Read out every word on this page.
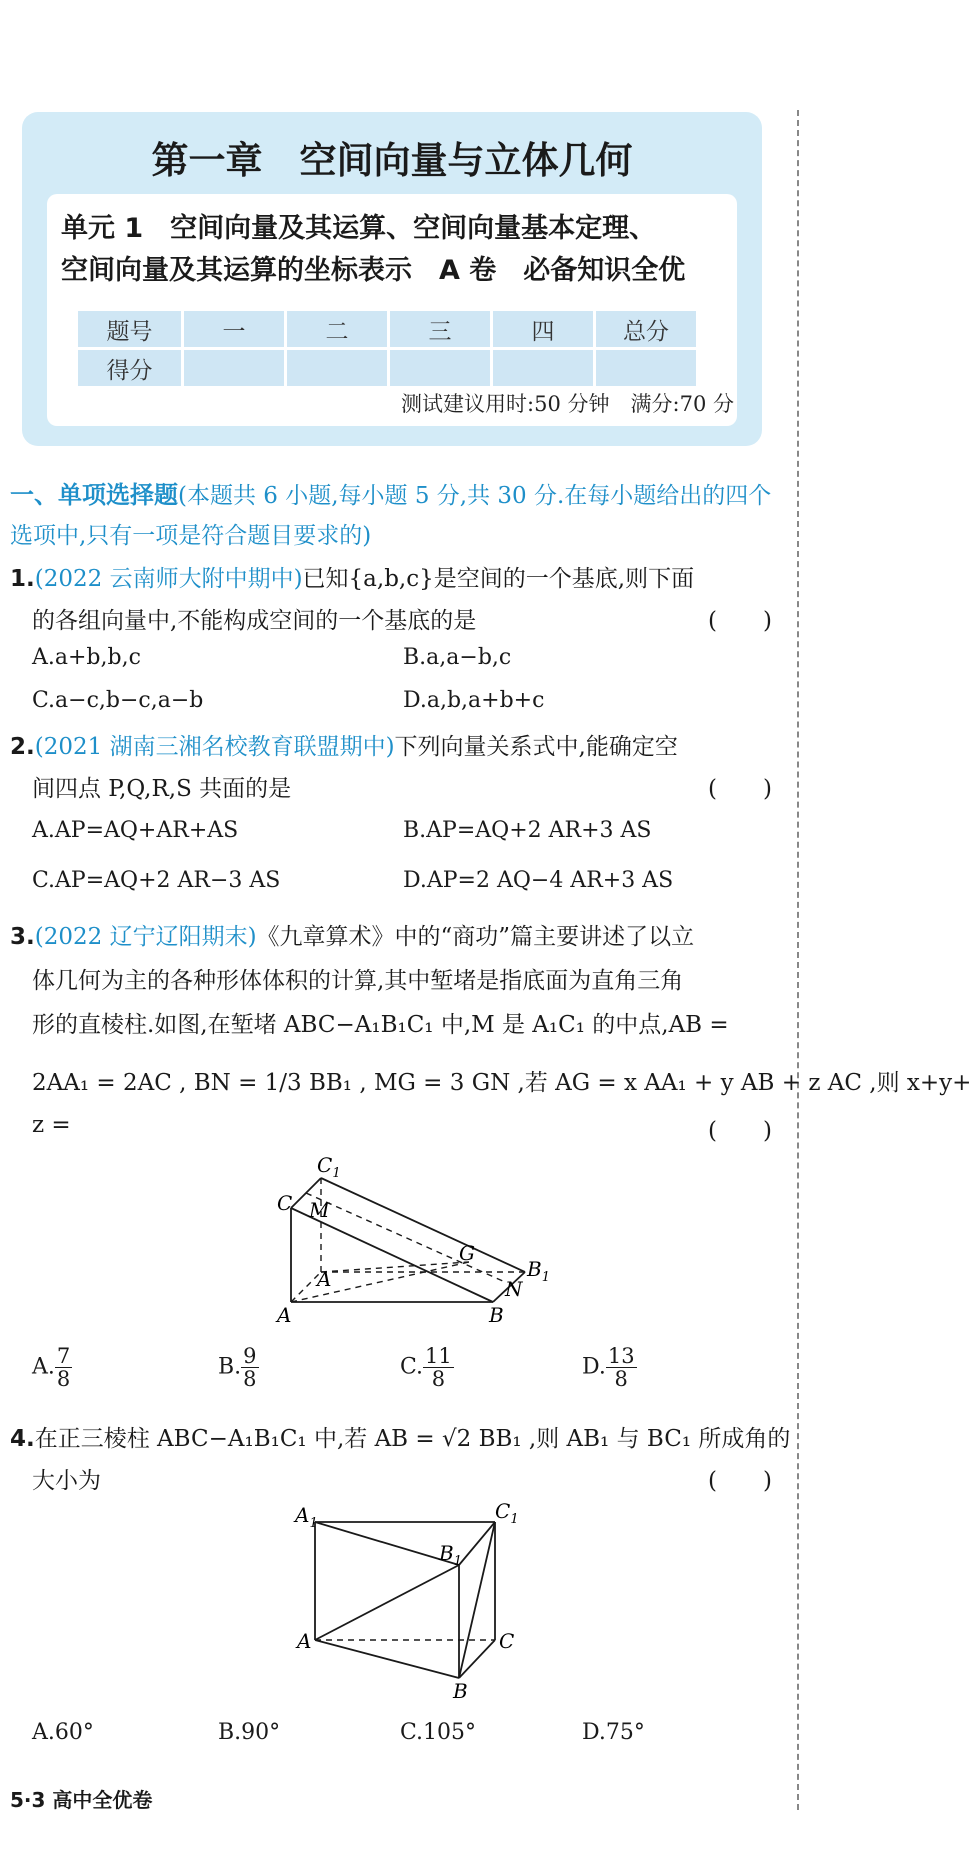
第一章　空间向量与立体几何
单元 1　空间向量及其运算、空间向量基本定理、
空间向量及其运算的坐标表示　A 卷　必备知识全优
题号	一	二	三	四	总分
得分					
测试建议用时:50 分钟　满分:70 分
一、单项选择题(本题共 6 小题,每小题 5 分,共 30 分.在每小题给出的四个选项中,只有一项是符合题目要求的)
1.(2022 云南师大附中期中)已知{a,b,c}是空间的一个基底,则下面
的各组向量中,不能构成空间的一个基底的是	(　　)
A.a+b,b,c	B.a,a−b,c
C.a−c,b−c,a−b	D.a,b,a+b+c
2.(2021 湖南三湘名校教育联盟期中)下列向量关系式中,能确定空
间四点 P,Q,R,S 共面的是	(　　)
A.AP=AQ+AR+AS	B.AP=AQ+2 AR+3 AS
C.AP=AQ+2 AR−3 AS	D.AP=2 AQ−4 AR+3 AS
3.(2022 辽宁辽阳期末)《九章算术》中的“商功”篇主要讲述了以立
体几何为主的各种形体体积的计算,其中堑堵是指底面为直角三角
形的直棱柱.如图,在堑堵 ABC−A₁B₁C₁ 中,M 是 A₁C₁ 的中点,AB =
2AA₁ = 2AC , BN = 1/3 BB₁ , MG = 3 GN ,若 AG = x AA₁ + y AB + z AC ,则 x+y+
z =	(　　)
$C_1$
C M
G
$B_1$
A	N
A	B
A. $\frac{7}{8}$	B. $\frac{9}{8}$	C. $\frac{11}{8}$	D. $\frac{13}{8}$
4.在正三棱柱 ABC−A₁B₁C₁ 中,若 AB = √2 BB₁ ,则 AB₁ 与 BC₁ 所成角的
大小为	(　　)
$A_1$
$C_1$
$B_1$
A	C
B
A.60°	B.90°	C.105°	D.75°
5·3 高中全优卷
